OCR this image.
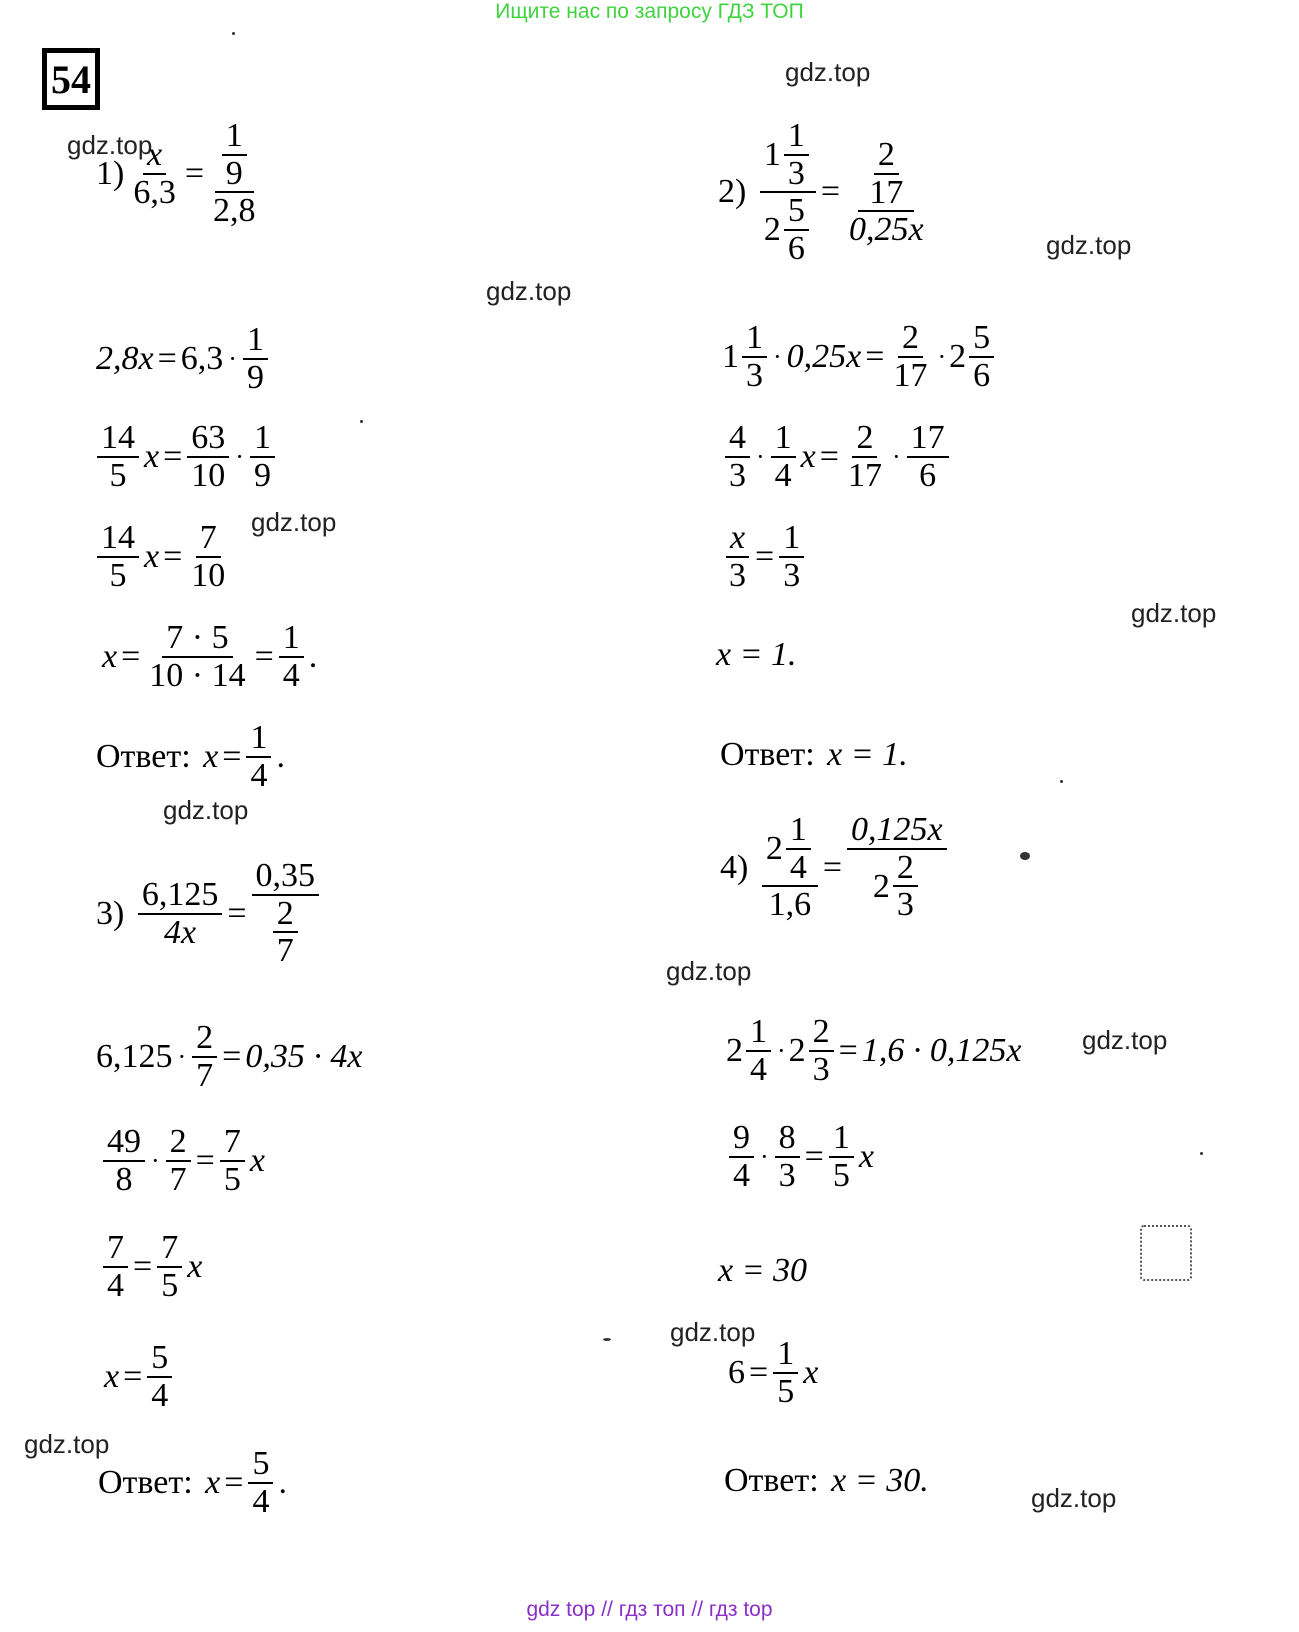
Ищите нас по запросу ГДЗ ТОП
54	gdz.top
gdz.top
gdz.top
gdz.top
gdz.top
gdz.top
gdz.top
gdz.top
gdz.top
gdz.top
gdz.top
gdz.top
$1) \frac{x}{6,3} = \frac{\frac{1}{9}}{2,8}$
$2,8x = 6,3 \cdot \frac{1}{9}$
$\frac{14}{5}$ $x = \frac{63}{10} \cdot \frac{1}{9}$
$\frac{14}{5}$ $x = \frac{7}{10}$
$x = \frac{7 \cdot 5}{10 \cdot 14} = \frac{1}{4}$ .
Ответ:
$x = \frac{1}{4}$ .
2)
$\frac{1 \frac{1}{3}}{2 \frac{5}{6}} = \frac{\frac{2}{17}}{0,25x}$
$1 \frac{1}{3} \cdot 0,25x = \frac{2}{17} \cdot 2 \frac{5}{6}$
$\frac{4}{3} \cdot \frac{1}{4}$ $x = \frac{2}{17} \cdot \frac{17}{6}$
$\frac{x}{3} = \frac{1}{3}$
x = 1.
Ответ:
x = 1.
3)
$\frac{6,125}{4x} = \frac{0,35}{\frac{2}{7}}$
$6,125 \cdot \frac{2}{7} = 0,35 \cdot 4x$
$\frac{49}{8} \cdot \frac{2}{7} = \frac{7}{5}$ x
$\frac{7}{4} = \frac{7}{5}$ x
$x = \frac{5}{4}$
Ответ:
$x = \frac{5}{4}$ .
4)
$\frac{2 \frac{1}{4}}{1,6} = \frac{0,125x}{2 \frac{2}{3}}$
$2 \frac{1}{4} \cdot 2 \frac{2}{3} = 1,6 \cdot 0,125x$
$\frac{9}{4} \cdot \frac{8}{3} = \frac{1}{5}$ x
x = 30
$6 = \frac{1}{5}$ x
Ответ:
x = 30.
gdz top // гдз топ // гдз top
